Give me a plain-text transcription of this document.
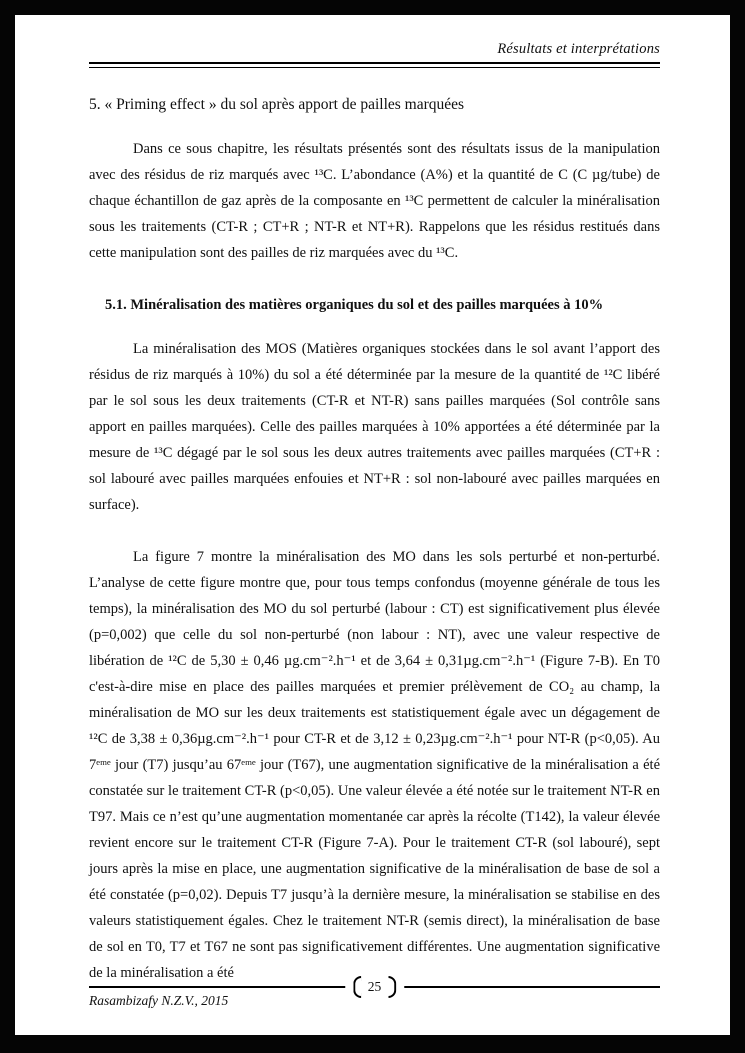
Résultats et interprétations
5. « Priming effect » du sol après apport de pailles marquées

Dans ce sous chapitre, les résultats présentés sont des résultats issus de la manipulation avec des résidus de riz marqués avec ¹³C. L’abondance (A%) et la quantité de C (C µg/tube) de chaque échantillon de gaz après de la composante en ¹³C permettent de calculer la minéralisation sous les traitements (CT-R ; CT+R ; NT-R et NT+R). Rappelons que les résidus restitués dans cette manipulation sont des pailles de riz marquées avec du ¹³C.

5.1. Minéralisation des matières organiques du sol et des pailles marquées à 10%

La minéralisation des MOS (Matières organiques stockées dans le sol avant l’apport des résidus de riz marqués à 10%) du sol a été déterminée par la mesure de la quantité de ¹²C libéré par le sol sous les deux traitements (CT-R et NT-R) sans pailles marquées (Sol contrôle sans apport en pailles marquées). Celle des pailles marquées à 10% apportées a été déterminée par la mesure de ¹³C dégagé par le sol sous les deux autres traitements avec pailles marquées (CT+R : sol labouré avec pailles marquées enfouies et NT+R : sol non-labouré avec pailles marquées en surface).

La figure 7 montre la minéralisation des MO dans les sols perturbé et non-perturbé. L’analyse de cette figure montre que, pour tous temps confondus (moyenne générale de tous les temps), la minéralisation des MO du sol perturbé (labour : CT) est significativement plus élevée (p=0,002) que celle du sol non-perturbé (non labour : NT), avec une valeur respective de libération de ¹²C de 5,30 ± 0,46 µg.cm⁻².h⁻¹ et de 3,64 ± 0,31µg.cm⁻².h⁻¹ (Figure 7-B). En T0 c'est-à-dire mise en place des pailles marquées et premier prélèvement de CO₂ au champ, la minéralisation de MO sur les deux traitements est statistiquement égale avec un dégagement de ¹²C de 3,38 ± 0,36µg.cm⁻².h⁻¹ pour CT-R et de 3,12 ± 0,23µg.cm⁻².h⁻¹ pour NT-R (p<0,05). Au 7ᵉᵐᵉ jour (T7) jusqu’au 67ᵉᵐᵉ jour (T67), une augmentation significative de la minéralisation a été constatée sur le traitement CT-R (p<0,05). Une valeur élevée a été notée sur le traitement NT-R en T97. Mais ce n’est qu’une augmentation momentanée car après la récolte (T142), la valeur élevée revient encore sur le traitement CT-R (Figure 7-A). Pour le traitement CT-R (sol labouré), sept jours après la mise en place, une augmentation significative de la minéralisation de base de sol a été constatée (p=0,02). Depuis T7 jusqu’à la dernière mesure, la minéralisation se stabilise en des valeurs statistiquement égales. Chez le traitement NT-R (semis direct), la minéralisation de base de sol en T0, T7 et T67 ne sont pas significativement différentes. Une augmentation significative de la minéralisation a été

25
Rasambizafy N.Z.V., 2015
